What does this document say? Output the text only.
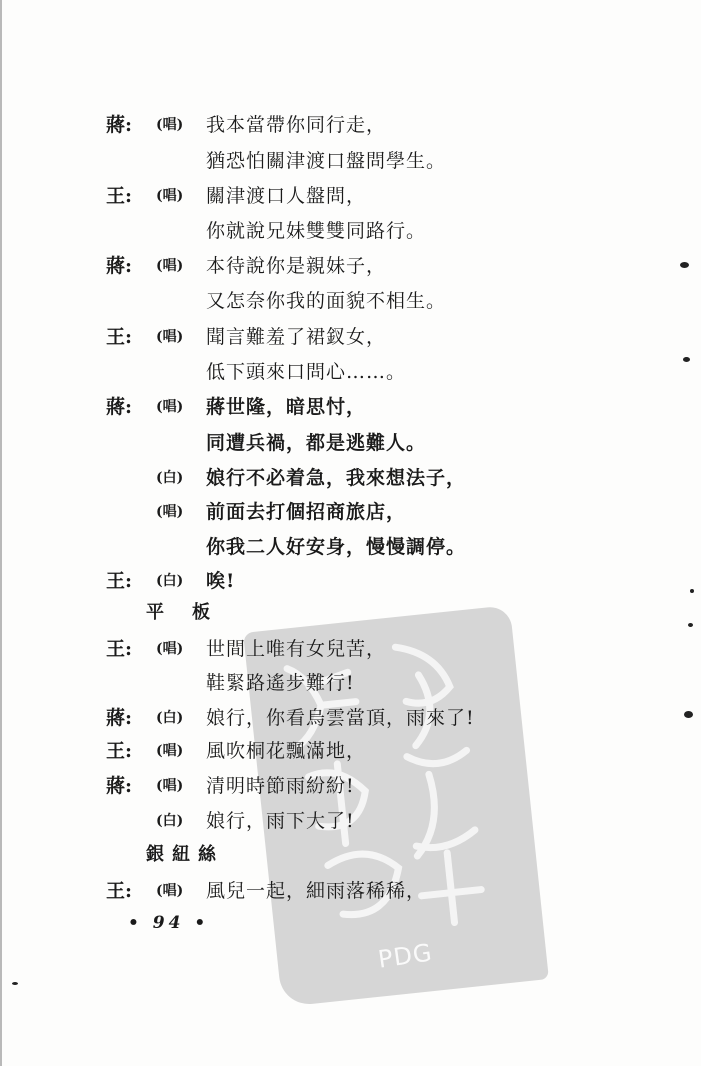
PDG
蔣: (唱) 我本當帶你同行走，
猶恐怕關津渡口盤問學生。
王: (唱) 關津渡口人盤問，
你就說兄妹雙雙同路行。
蔣: (唱) 本待說你是親妹子，
又怎奈你我的面貌不相生。
王: (唱) 聞言難羞了裙釵女，
低下頭來口問心……。
蔣: (唱) 蔣世隆，暗思忖，
同遭兵禍，都是逃難人。
(白) 娘行不必着急，我來想法子，
(唱) 前面去打個招商旅店，
你我二人好安身，慢慢調停。
王: (白) 唉!
平板
王: (唱) 世間上唯有女兒苦，
鞋緊路遙步難行!
蔣: (白) 娘行，你看烏雲當頂，雨來了!
王: (唱) 風吹桐花飄滿地，
蔣: (唱) 清明時節雨紛紛!
(白) 娘行，雨下大了!
銀紐絲
王: (唱) 風兒一起，細雨落稀稀，
• 94 •
